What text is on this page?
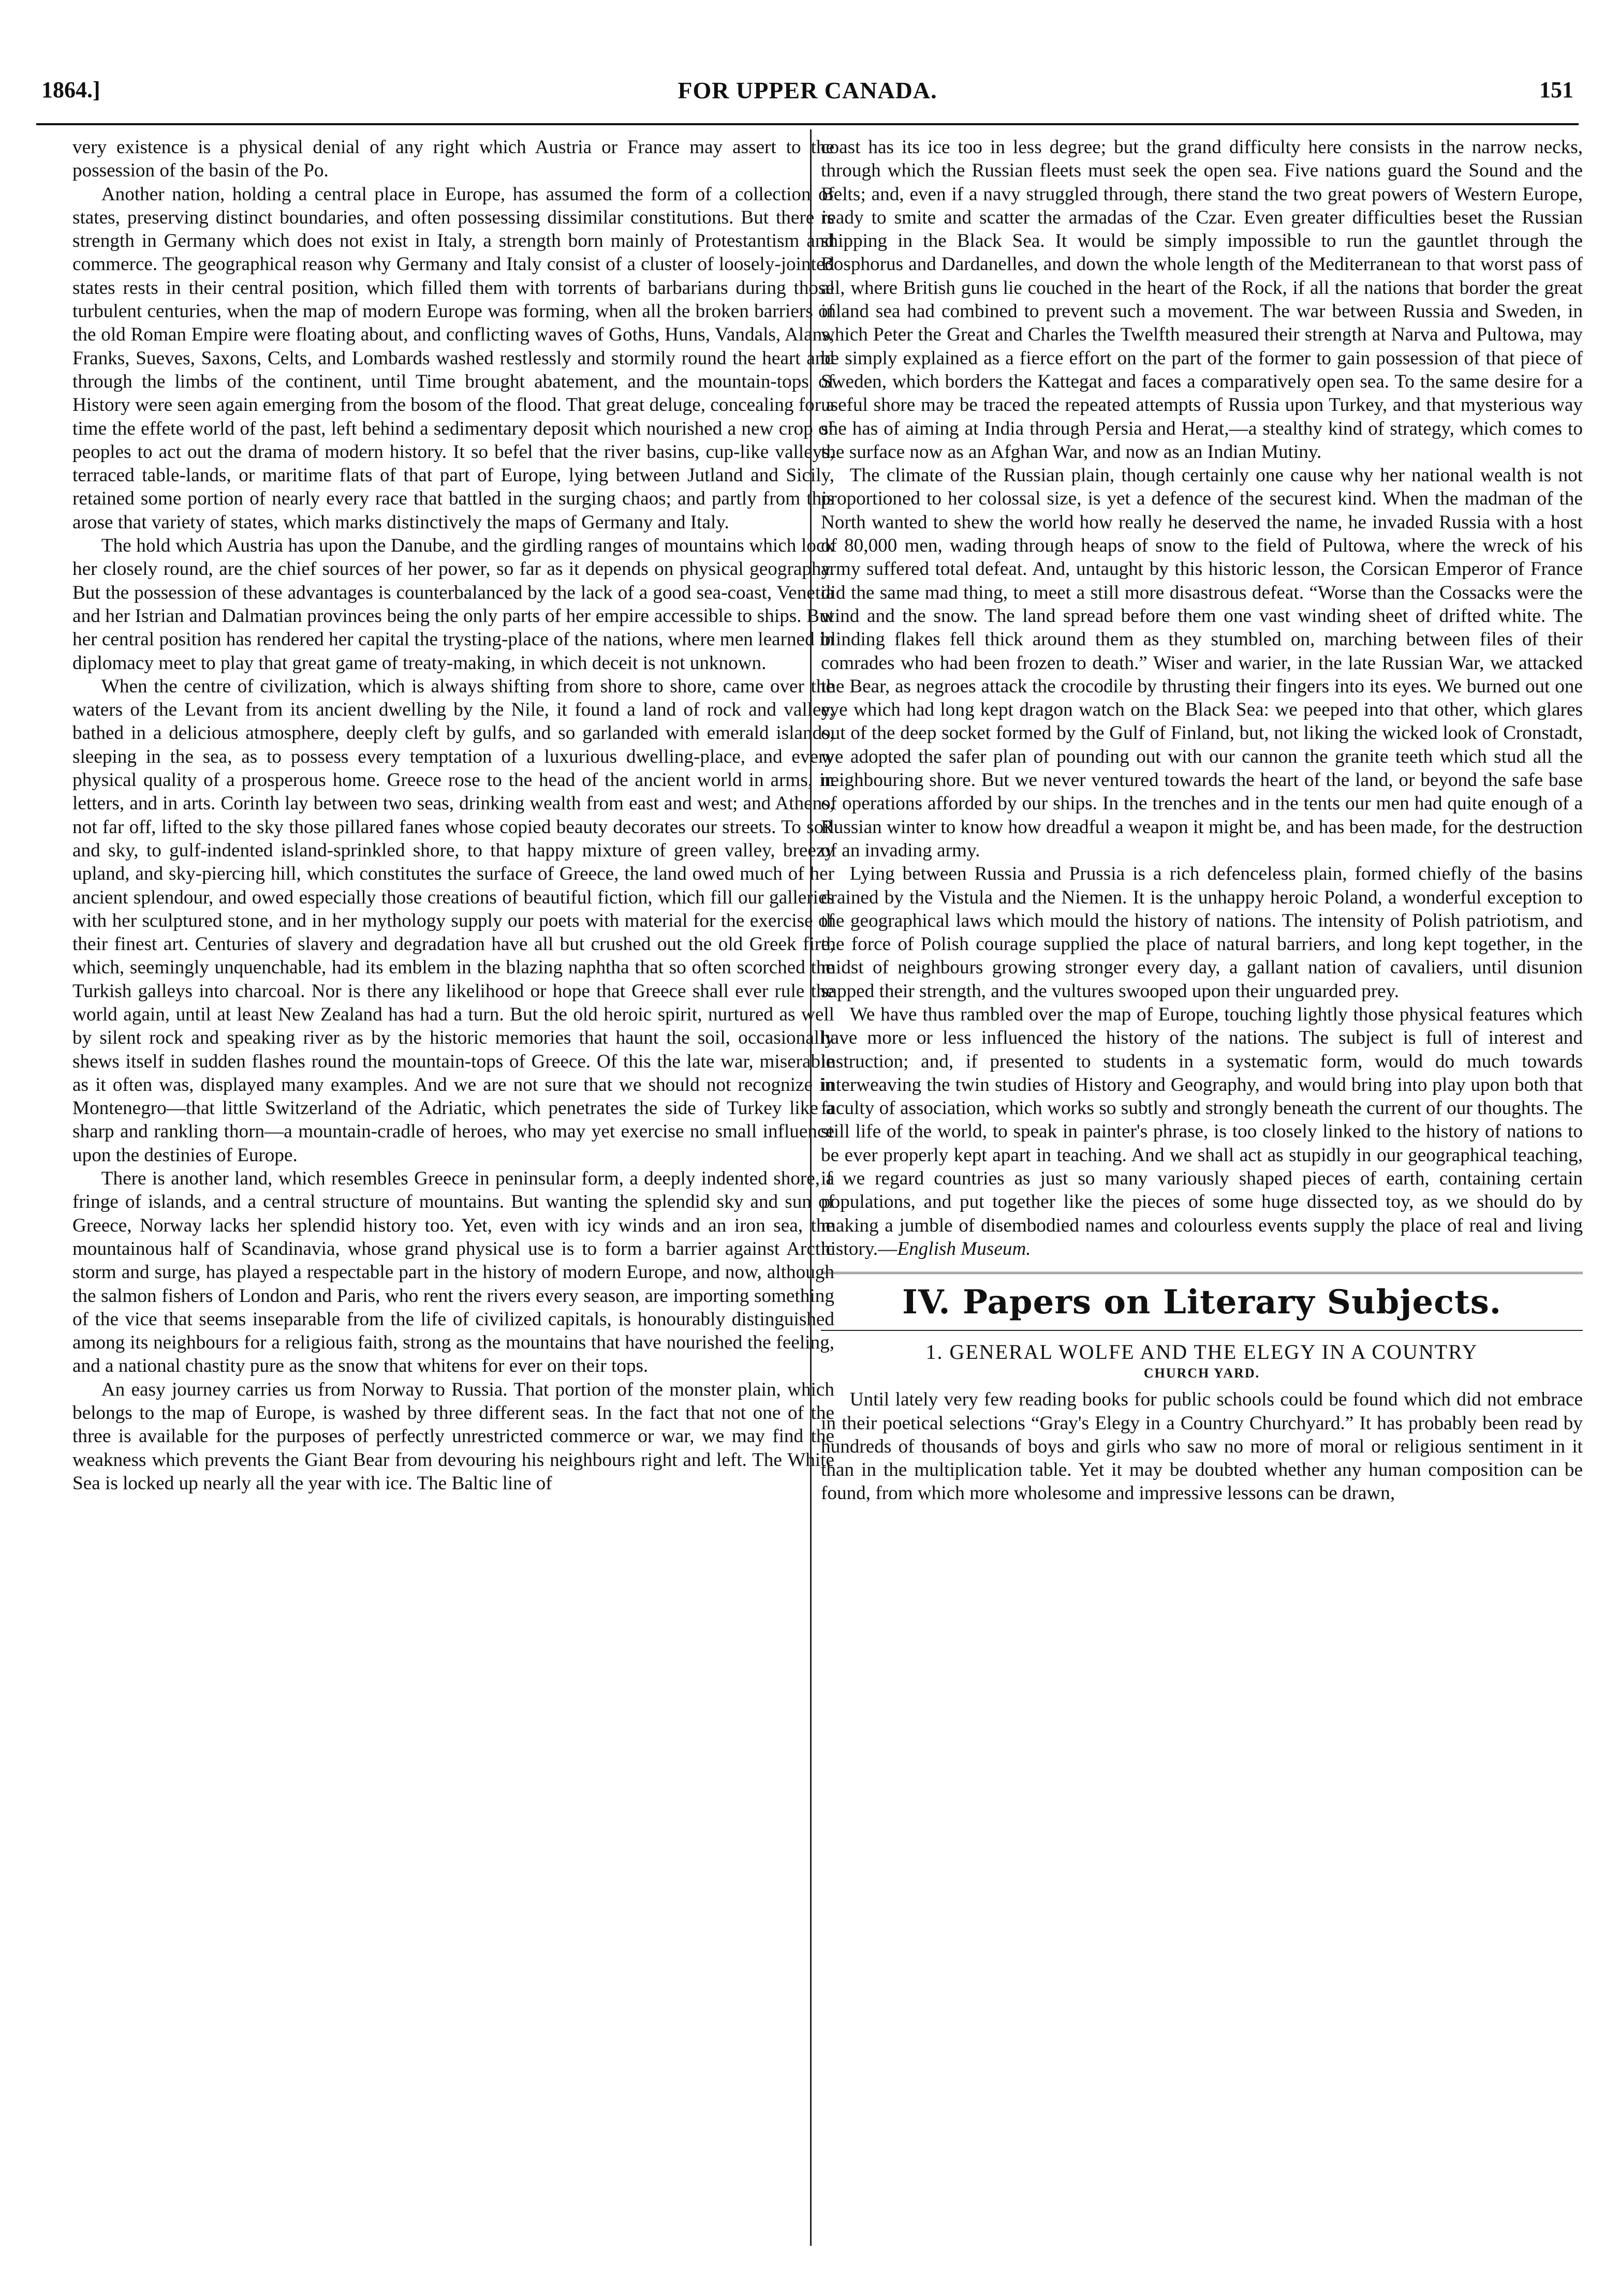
1864.]	FOR UPPER CANADA.	151

very existence is a physical denial of any right which Austria or France may assert to the possession of the basin of the Po.

Another nation, holding a central place in Europe, has assumed the form of a collection of states, preserving distinct boundaries, and often possessing dissimilar constitutions. But there is strength in Germany which does not exist in Italy, a strength born mainly of Protestantism and commerce. The geographical reason why Germany and Italy consist of a cluster of loosely-jointed states rests in their central position, which filled them with torrents of barbarians during those turbulent centuries, when the map of modern Europe was forming, when all the broken barriers of the old Roman Empire were floating about, and conflicting waves of Goths, Huns, Vandals, Alans, Franks, Sueves, Saxons, Celts, and Lombards washed restlessly and stormily round the heart and through the limbs of the continent, until Time brought abatement, and the mountain-tops of History were seen again emerging from the bosom of the flood. That great deluge, concealing for a time the effete world of the past, left behind a sedimentary deposit which nourished a new crop of peoples to act out the drama of modern history. It so befel that the river basins, cup-like valleys, terraced table-lands, or maritime flats of that part of Europe, lying between Jutland and Sicily, retained some portion of nearly every race that battled in the surging chaos; and partly from this arose that variety of states, which marks distinctively the maps of Germany and Italy.

The hold which Austria has upon the Danube, and the girdling ranges of mountains which lock her closely round, are the chief sources of her power, so far as it depends on physical geography. But the possession of these advantages is counterbalanced by the lack of a good sea-coast, Venetia and her Istrian and Dalmatian provinces being the only parts of her empire accessible to ships. But her central position has rendered her capital the trysting-place of the nations, where men learned in diplomacy meet to play that great game of treaty-making, in which deceit is not unknown.

When the centre of civilization, which is always shifting from shore to shore, came over the waters of the Levant from its ancient dwelling by the Nile, it found a land of rock and valley, bathed in a delicious atmosphere, deeply cleft by gulfs, and so garlanded with emerald islands, sleeping in the sea, as to possess every temptation of a luxurious dwelling-place, and every physical quality of a prosperous home. Greece rose to the head of the ancient world in arms, in letters, and in arts. Corinth lay between two seas, drinking wealth from east and west; and Athens, not far off, lifted to the sky those pillared fanes whose copied beauty decorates our streets. To soil and sky, to gulf-indented island-sprinkled shore, to that happy mixture of green valley, breezy upland, and sky-piercing hill, which constitutes the surface of Greece, the land owed much of her ancient splendour, and owed especially those creations of beautiful fiction, which fill our galleries with her sculptured stone, and in her mythology supply our poets with material for the exercise of their finest art. Centuries of slavery and degradation have all but crushed out the old Greek fire, which, seemingly unquenchable, had its emblem in the blazing naphtha that so often scorched the Turkish galleys into charcoal. Nor is there any likelihood or hope that Greece shall ever rule the world again, until at least New Zealand has had a turn. But the old heroic spirit, nurtured as well by silent rock and speaking river as by the historic memories that haunt the soil, occasionally shews itself in sudden flashes round the mountain-tops of Greece. Of this the late war, miserable as it often was, displayed many examples. And we are not sure that we should not recognize in Montenegro—that little Switzerland of the Adriatic, which penetrates the side of Turkey like a sharp and rankling thorn—a mountain-cradle of heroes, who may yet exercise no small influence upon the destinies of Europe.

There is another land, which resembles Greece in peninsular form, a deeply indented shore, a fringe of islands, and a central structure of mountains. But wanting the splendid sky and sun of Greece, Norway lacks her splendid history too. Yet, even with icy winds and an iron sea, the mountainous half of Scandinavia, whose grand physical use is to form a barrier against Arctic storm and surge, has played a respectable part in the history of modern Europe, and now, although the salmon fishers of London and Paris, who rent the rivers every season, are importing something of the vice that seems inseparable from the life of civilized capitals, is honourably distinguished among its neighbours for a religious faith, strong as the mountains that have nourished the feeling, and a national chastity pure as the snow that whitens for ever on their tops.

An easy journey carries us from Norway to Russia. That portion of the monster plain, which belongs to the map of Europe, is washed by three different seas. In the fact that not one of the three is available for the purposes of perfectly unrestricted commerce or war, we may find the weakness which prevents the Giant Bear from devouring his neighbours right and left. The White Sea is locked up nearly all the year with ice. The Baltic line of

coast has its ice too in less degree; but the grand difficulty here consists in the narrow necks, through which the Russian fleets must seek the open sea. Five nations guard the Sound and the Belts; and, even if a navy struggled through, there stand the two great powers of Western Europe, ready to smite and scatter the armadas of the Czar. Even greater difficulties beset the Russian shipping in the Black Sea. It would be simply impossible to run the gauntlet through the Bosphorus and Dardanelles, and down the whole length of the Mediterranean to that worst pass of all, where British guns lie couched in the heart of the Rock, if all the nations that border the great inland sea had combined to prevent such a movement. The war between Russia and Sweden, in which Peter the Great and Charles the Twelfth measured their strength at Narva and Pultowa, may be simply explained as a fierce effort on the part of the former to gain possession of that piece of Sweden, which borders the Kattegat and faces a comparatively open sea. To the same desire for a useful shore may be traced the repeated attempts of Russia upon Turkey, and that mysterious way she has of aiming at India through Persia and Herat,—a stealthy kind of strategy, which comes to the surface now as an Afghan War, and now as an Indian Mutiny.

The climate of the Russian plain, though certainly one cause why her national wealth is not proportioned to her colossal size, is yet a defence of the securest kind. When the madman of the North wanted to shew the world how really he deserved the name, he invaded Russia with a host of 80,000 men, wading through heaps of snow to the field of Pultowa, where the wreck of his army suffered total defeat. And, untaught by this historic lesson, the Corsican Emperor of France did the same mad thing, to meet a still more disastrous defeat. “Worse than the Cossacks were the wind and the snow. The land spread before them one vast winding sheet of drifted white. The blinding flakes fell thick around them as they stumbled on, marching between files of their comrades who had been frozen to death.” Wiser and warier, in the late Russian War, we attacked the Bear, as negroes attack the crocodile by thrusting their fingers into its eyes. We burned out one eye which had long kept dragon watch on the Black Sea: we peeped into that other, which glares out of the deep socket formed by the Gulf of Finland, but, not liking the wicked look of Cronstadt, we adopted the safer plan of pounding out with our cannon the granite teeth which stud all the neighbouring shore. But we never ventured towards the heart of the land, or beyond the safe base of operations afforded by our ships. In the trenches and in the tents our men had quite enough of a Russian winter to know how dreadful a weapon it might be, and has been made, for the destruction of an invading army.

Lying between Russia and Prussia is a rich defenceless plain, formed chiefly of the basins drained by the Vistula and the Niemen. It is the unhappy heroic Poland, a wonderful exception to the geographical laws which mould the history of nations. The intensity of Polish patriotism, and the force of Polish courage supplied the place of natural barriers, and long kept together, in the midst of neighbours growing stronger every day, a gallant nation of cavaliers, until disunion sapped their strength, and the vultures swooped upon their unguarded prey.

We have thus rambled over the map of Europe, touching lightly those physical features which have more or less influenced the history of the nations. The subject is full of interest and instruction; and, if presented to students in a systematic form, would do much towards interweaving the twin studies of History and Geography, and would bring into play upon both that faculty of association, which works so subtly and strongly beneath the current of our thoughts. The still life of the world, to speak in painter's phrase, is too closely linked to the history of nations to be ever properly kept apart in teaching. And we shall act as stupidly in our geographical teaching, if we regard countries as just so many variously shaped pieces of earth, containing certain populations, and put together like the pieces of some huge dissected toy, as we should do by making a jumble of disembodied names and colourless events supply the place of real and living history.—English Museum.

IV. Papers on Literary Subjects.
1. GENERAL WOLFE AND THE ELEGY IN A COUNTRY
CHURCH YARD.

Until lately very few reading books for public schools could be found which did not embrace in their poetical selections “Gray's Elegy in a Country Churchyard.” It has probably been read by hundreds of thousands of boys and girls who saw no more of moral or religious sentiment in it than in the multiplication table. Yet it may be doubted whether any human composition can be found, from which more wholesome and impressive lessons can be drawn,
